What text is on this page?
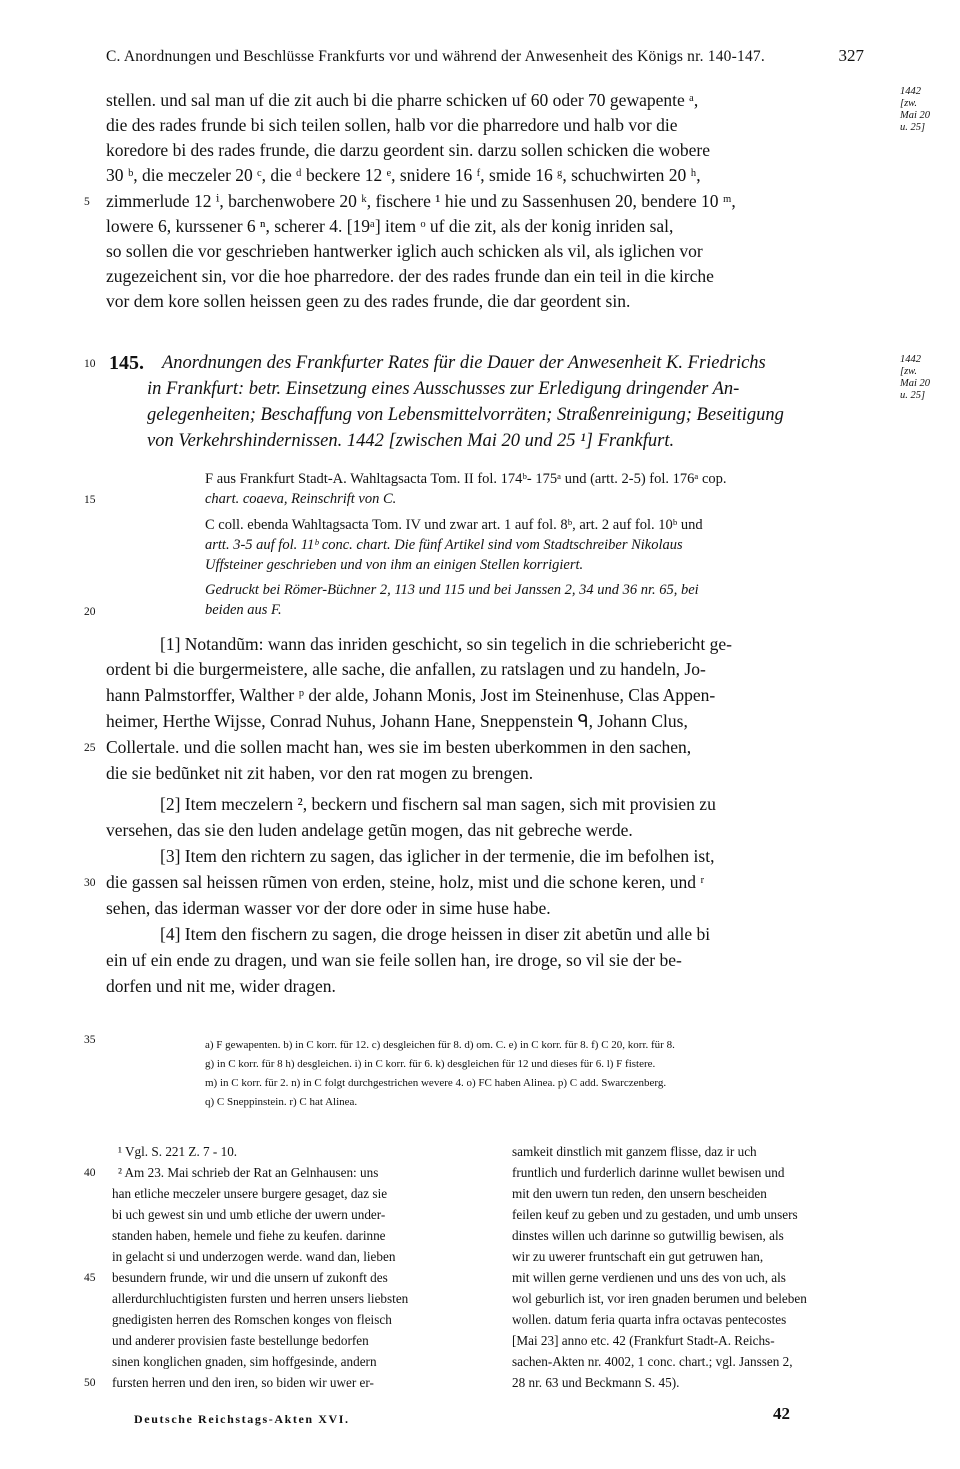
C. Anordnungen und Beschlüsse Frankfurts vor und während der Anwesenheit des Königs nr. 140-147.	327
1442
[zw.
Mai 20
u. 25]
stellen. und sal man uf die zit auch bi die pharre schicken uf 60 oder 70 gewapente ᵃ,
die des rades frunde bi sich teilen sollen, halb vor die pharredore und halb vor die
koredore bi des rades frunde, die darzu geordent sin. darzu sollen schicken die wobere
30 ᵇ, die meczeler 20 ᶜ, die ᵈ beckere 12 ᵉ, snidere 16 ᶠ, smide 16 ᵍ, schuchwirten 20 ʰ,
zimmerlude 12 ⁱ, barchenwobere 20 ᵏ, fischere ¹ hie und zu Sassenhusen 20, bendere 10 ᵐ,
lowere 6, kurssener 6 ⁿ, scherer 4. [19ᵃ] item ᵒ uf die zit, als der konig inriden sal,
so sollen die vor geschrieben hantwerker iglich auch schicken als vil, als iglichen vor
zugezeichent sin, vor die hoe pharredore. der des rades frunde dan ein teil in die kirche
vor dem kore sollen heissen geen zu des rades frunde, die dar geordent sin.
145. Anordnungen des Frankfurter Rates für die Dauer der Anwesenheit K. Friedrichs
in Frankfurt: betr. Einsetzung eines Ausschusses zur Erledigung dringender An-
gelegenheiten; Beschaffung von Lebensmittelvorräten; Straßenreinigung; Beseitigung
von Verkehrshindernissen. 1442 [zwischen Mai 20 und 25 ¹] Frankfurt.
1442
[zw.
Mai 20
u. 25]
F aus Frankfurt Stadt-A. Wahltagsacta Tom. II fol. 174ᵇ- 175ᵃ und (artt. 2-5) fol. 176ᵃ cop.
chart. coaeva, Reinschrift von C.
C coll. ebenda Wahltagsacta Tom. IV und zwar art. 1 auf fol. 8ᵇ, art. 2 auf fol. 10ᵇ und
artt. 3-5 auf fol. 11ᵇ conc. chart. Die fünf Artikel sind vom Stadtschreiber Nikolaus
Uffsteiner geschrieben und von ihm an einigen Stellen korrigiert.
Gedruckt bei Römer-Büchner 2, 113 und 115 und bei Janssen 2, 34 und 36 nr. 65, bei
beiden aus F.
[1] Notandũm: wann das inriden geschicht, so sin tegelich in die schriebericht ge-
ordent bi die burgermeistere, alle sache, die anfallen, zu ratslagen und zu handeln, Jo-
hann Palmstorffer, Walther ᵖ der alde, Johann Monis, Jost im Steinenhuse, Clas Appen-
heimer, Herthe Wijsse, Conrad Nuhus, Johann Hane, Sneppenstein ᑫ, Johann Clus,
Collertale. und die sollen macht han, wes sie im besten uberkommen in den sachen,
die sie bedũnket nit zit haben, vor den rat mogen zu brengen.
[2] Item meczelern ², beckern und fischern sal man sagen, sich mit provisien zu
versehen, das sie den luden andelage getũn mogen, das nit gebreche werde.
[3] Item den richtern zu sagen, das iglicher in der termenie, die im befolhen ist,
die gassen sal heissen rũmen von erden, steine, holz, mist und die schone keren, und ʳ
sehen, das iderman wasser vor der dore oder in sime huse habe.
[4] Item den fischern zu sagen, die droge heissen in diser zit abetũn und alle bi
ein uf ein ende zu dragen, und wan sie feile sollen han, ire droge, so vil sie der be-
dorfen und nit me, wider dragen.
a) F gewapenten. b) in C korr. für 12. c) desgleichen für 8. d) om. C. e) in C korr. für 8. f) C 20, korr. für 8.
g) in C korr. für 8 h) desgleichen. i) in C korr. für 6. k) desgleichen für 12 und dieses für 6. l) F fistere.
m) in C korr. für 2. n) in C folgt durchgestrichen wevere 4. o) FC haben Alinea. p) C add. Swarczenberg.
q) C Sneppinstein. r) C hat Alinea.
¹ Vgl. S. 221 Z. 7 - 10.
² Am 23. Mai schrieb der Rat an Gelnhausen: uns
han etliche meczeler unsere burgere gesaget, daz sie
bi uch gewest sin und umb etliche der uwern under-
standen haben, hemele und fiehe zu keufen. darinne
in gelacht si und underzogen werde. wand dan, lieben
besundern frunde, wir und die unsern uf zukonft des
allerdurchluchtigisten fursten und herren unsers liebsten
gnedigisten herren des Romschen konges von fleisch
und anderer provisien faste bestellunge bedorfen
sinen konglichen gnaden, sim hoffgesinde, andern
fursten herren und den iren, so biden wir uwer er-
samkeit dinstlich mit ganzem flisse, daz ir uch
fruntlich und furderlich darinne wullet bewisen und
mit den uwern tun reden, den unsern bescheiden
feilen keuf zu geben und zu gestaden, und umb unsers
dinstes willen uch darinne so gutwillig bewisen, als
wir zu uwerer fruntschaft ein gut getruwen han,
mit willen gerne verdienen und uns des von uch, als
wol geburlich ist, vor iren gnaden berumen und beleben
wollen. datum feria quarta infra octavas pentecostes
[Mai 23] anno etc. 42 (Frankfurt Stadt-A. Reichs-
sachen-Akten nr. 4002, 1 conc. chart.; vgl. Janssen 2,
28 nr. 63 und Beckmann S. 45).
5
10
15
20
25
30
35
40
45
50
Deutsche Reichstags-Akten XVI.	42
